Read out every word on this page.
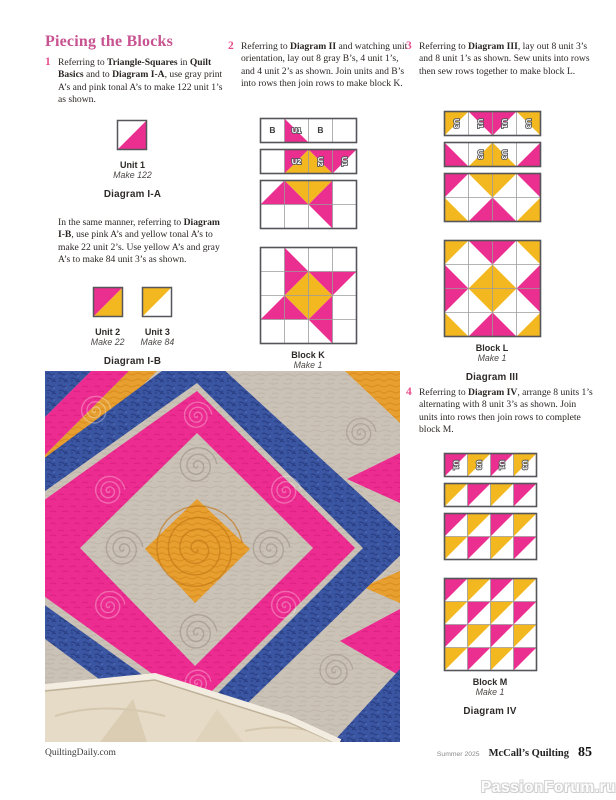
Piecing the Blocks
1 Referring to Triangle-Squares in Quilt Basics and to Diagram I-A, use gray print A’s and pink tonal A’s to make 122 unit 1’s as shown.
In the same manner, referring to Diagram I-B, use pink A’s and yellow tonal A’s to make 22 unit 2’s. Use yellow A’s and gray A’s to make 84 unit 3’s as shown.
2 Referring to Diagram II and watching unit orientation, lay out 8 gray B’s, 4 unit 1’s, and 4 unit 2’s as shown. Join units and B’s into rows then join rows to make block K.
3 Referring to Diagram III, lay out 8 unit 3’s and 8 unit 1’s as shown. Sew units into rows then sew rows together to make block L.
4 Referring to Diagram IV, arrange 8 units 1’s alternating with 8 unit 3’s as shown. Join units into rows then join rows to complete block M.
Unit 1
Make 122
Diagram I-A
Unit 2
Make 22
Unit 3
Make 84
Diagram I-B
B U1 B
U2 U2 U1
Block K
Make 1
U3 U1 U1 U3
U3 U3
Block L
Make 1
Diagram III
U1 U3 U1 U3
Block M
Make 1
Diagram IV
QuiltingDaily.com	Summer 2025 McCall’s Quilting 85
PassionForum.ru
